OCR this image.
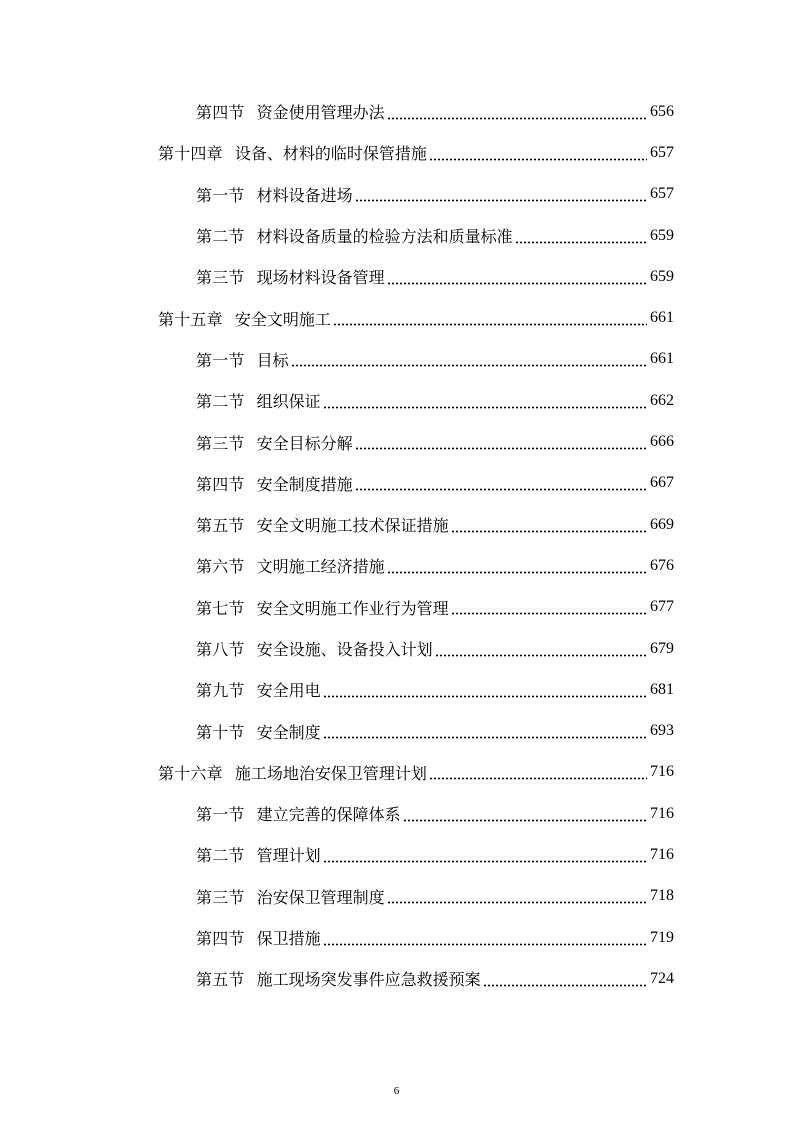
第四节 资金使用管理办法	656
第十四章 设备、材料的临时保管措施	657
第一节 材料设备进场	657
第二节 材料设备质量的检验方法和质量标准	659
第三节 现场材料设备管理	659
第十五章 安全文明施工	661
第一节 目标	661
第二节 组织保证	662
第三节 安全目标分解	666
第四节 安全制度措施	667
第五节 安全文明施工技术保证措施	669
第六节 文明施工经济措施	676
第七节 安全文明施工作业行为管理	677
第八节 安全设施、设备投入计划	679
第九节 安全用电	681
第十节 安全制度	693
第十六章 施工场地治安保卫管理计划	716
第一节 建立完善的保障体系	716
第二节 管理计划	716
第三节 治安保卫管理制度	718
第四节 保卫措施	719
第五节 施工现场突发事件应急救援预案	724
6
